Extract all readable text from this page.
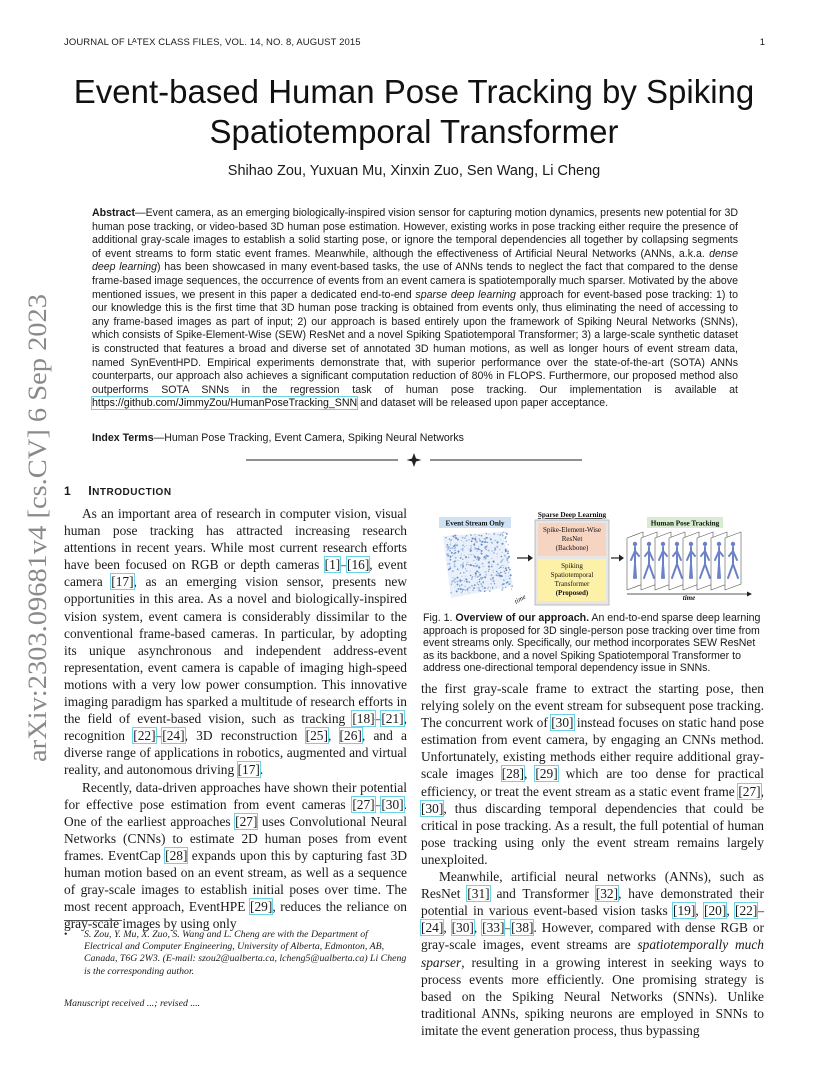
JOURNAL OF $L^ATEX$ CLASS FILES, VOL. 14, NO. 8, AUGUST 2015	1
arXiv:2303.09681v4 [cs.CV] 6 Sep 2023
Event-based Human Pose Tracking by Spiking
Spatiotemporal Transformer
Shihao Zou, Yuxuan Mu, Xinxin Zuo, Sen Wang, Li Cheng
Abstract—Event camera, as an emerging biologically-inspired vision sensor for capturing motion dynamics, presents new potential for 3D human pose tracking, or video-based 3D human pose estimation. However, existing works in pose tracking either require the presence of additional gray-scale images to establish a solid starting pose, or ignore the temporal dependencies all together by collapsing segments of event streams to form static event frames. Meanwhile, although the effectiveness of Artificial Neural Networks (ANNs, a.k.a. dense deep learning) has been showcased in many event-based tasks, the use of ANNs tends to neglect the fact that compared to the dense frame-based image sequences, the occurrence of events from an event camera is spatiotemporally much sparser. Motivated by the above mentioned issues, we present in this paper a dedicated end-to-end sparse deep learning approach for event-based pose tracking: 1) to our knowledge this is the first time that 3D human pose tracking is obtained from events only, thus eliminating the need of accessing to any frame-based images as part of input; 2) our approach is based entirely upon the framework of Spiking Neural Networks (SNNs), which consists of Spike-Element-Wise (SEW) ResNet and a novel Spiking Spatiotemporal Transformer; 3) a large-scale synthetic dataset is constructed that features a broad and diverse set of annotated 3D human motions, as well as longer hours of event stream data, named SynEventHPD. Empirical experiments demonstrate that, with superior performance over the state-of-the-art (SOTA) ANNs counterparts, our approach also achieves a significant computation reduction of 80% in FLOPS. Furthermore, our proposed method also outperforms SOTA SNNs in the regression task of human pose tracking. Our implementation is available at https://github.com/JimmyZou/HumanPoseTracking_SNN and dataset will be released upon paper acceptance.
Index Terms—Human Pose Tracking, Event Camera, Spiking Neural Networks
1 INTRODUCTION

As an important area of research in computer vision, visual human pose tracking has attracted increasing research attentions in recent years. While most current research efforts have been focused on RGB or depth cameras [1]–[16], event camera [17], as an emerging vision sensor, presents new opportunities in this area. As a novel and biologically-inspired vision system, event camera is considerably dissimilar to the conventional frame-based cameras. In particular, by adopting its unique asynchronous and independent address-event representation, event camera is capable of imaging high-speed motions with a very low power consumption. This innovative imaging paradigm has sparked a multitude of research efforts in the field of event-based vision, such as tracking [18]–[21], recognition [22]–[24], 3D reconstruction [25], [26], and a diverse range of applications in robotics, augmented and virtual reality, and autonomous driving [17].

Recently, data-driven approaches have shown their potential for effective pose estimation from event cameras [27]–[30]. One of the earliest approaches [27] uses Convolutional Neural Networks (CNNs) to estimate 2D human poses from event frames. EventCap [28] expands upon this by capturing fast 3D human motion based on an event stream, as well as a sequence of gray-scale images to establish initial poses over time. The most recent approach, EventHPE [29], reduces the reliance on gray-scale images by using only

•	S. Zou, Y. Mu, X. Zuo, S. Wang and L. Cheng are with the Department of Electrical and Computer Engineering, University of Alberta, Edmonton, AB, Canada, T6G 2W3. (E-mail: szou2@ualberta.ca, lcheng5@ualberta.ca) Li Cheng is the corresponding author.
Manuscript received ...; revised ....
Event Stream Only
Sparse Deep Learning
Spike-Element-Wise
ResNet
(Backbone)
Spiking
Spatiotemporal
Transformer
(Proposed)
time
Human Pose Tracking
time
Fig. 1. Overview of our approach. An end-to-end sparse deep learning approach is proposed for 3D single-person pose tracking over time from event streams only. Specifically, our method incorporates SEW ResNet as its backbone, and a novel Spiking Spatiotemporal Transformer to address one-directional temporal dependency issue in SNNs.

the first gray-scale frame to extract the starting pose, then relying solely on the event stream for subsequent pose tracking. The concurrent work of [30] instead focuses on static hand pose estimation from event camera, by engaging an CNNs method. Unfortunately, existing methods either require additional gray-scale images [28], [29] which are too dense for practical efficiency, or treat the event stream as a static event frame [27], [30], thus discarding temporal dependencies that could be critical in pose tracking. As a result, the full potential of human pose tracking using only the event stream remains largely unexploited.

Meanwhile, artificial neural networks (ANNs), such as ResNet [31] and Transformer [32], have demonstrated their potential in various event-based vision tasks [19], [20], [22]–[24], [30], [33]–[38]. However, compared with dense RGB or gray-scale images, event streams are spatiotemporally much sparser, resulting in a growing interest in seeking ways to process events more efficiently. One promising strategy is based on the Spiking Neural Networks (SNNs). Unlike traditional ANNs, spiking neurons are employed in SNNs to imitate the event generation process, thus bypassing
